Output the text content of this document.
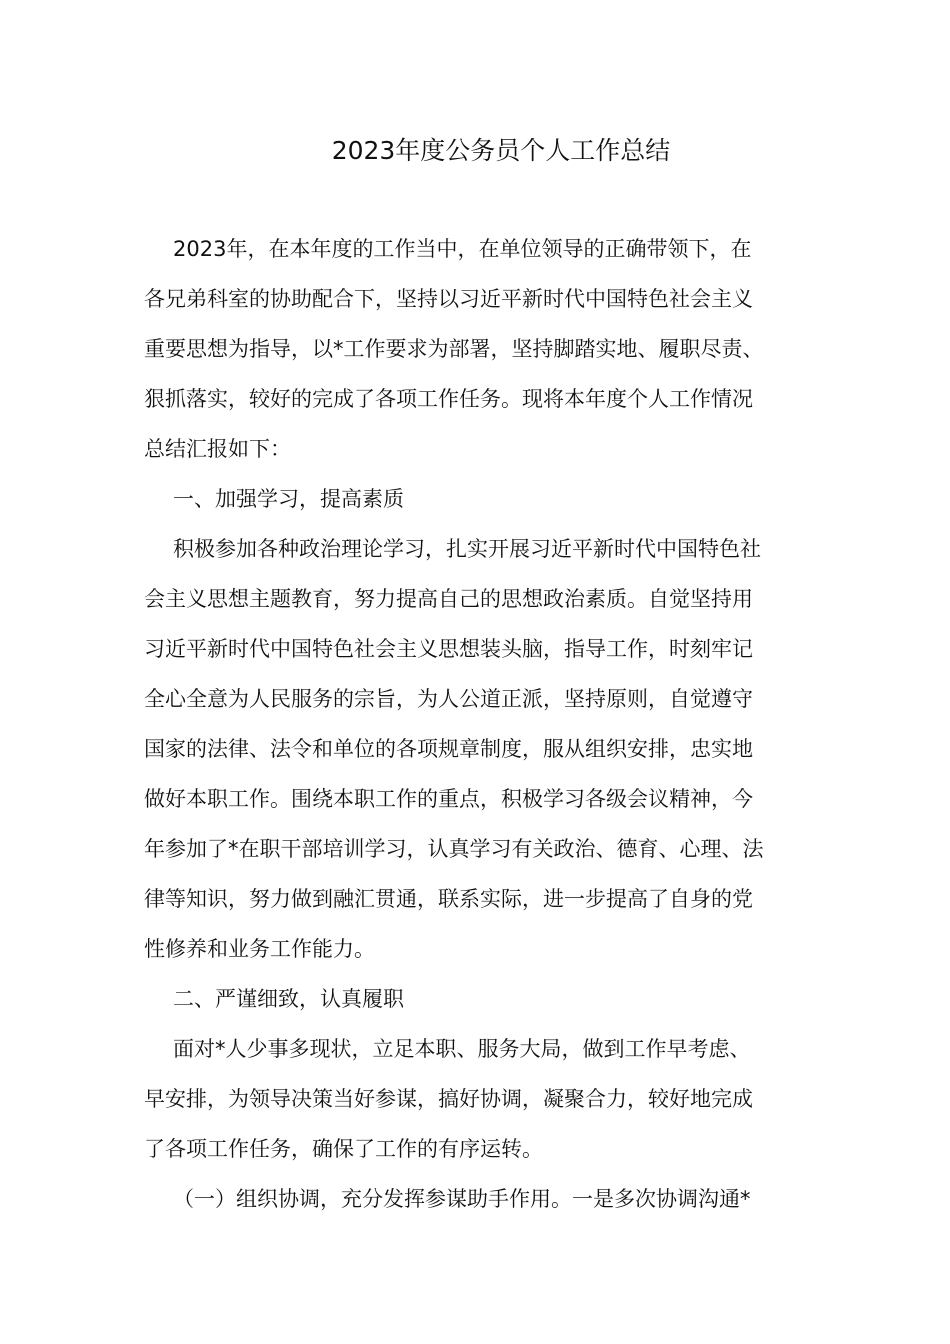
2023年度公务员个人工作总结
2023年，在本年度的工作当中，在单位领导的正确带领下，在
各兄弟科室的协助配合下，坚持以习近平新时代中国特色社会主义
重要思想为指导，以*工作要求为部署，坚持脚踏实地、履职尽责、
狠抓落实，较好的完成了各项工作任务。现将本年度个人工作情况
总结汇报如下：
一、加强学习，提高素质
积极参加各种政治理论学习，扎实开展习近平新时代中国特色社
会主义思想主题教育，努力提高自己的思想政治素质。自觉坚持用
习近平新时代中国特色社会主义思想装头脑，指导工作，时刻牢记
全心全意为人民服务的宗旨，为人公道正派，坚持原则，自觉遵守
国家的法律、法令和单位的各项规章制度，服从组织安排，忠实地
做好本职工作。围绕本职工作的重点，积极学习各级会议精神，今
年参加了*在职干部培训学习，认真学习有关政治、德育、心理、法
律等知识，努力做到融汇贯通，联系实际，进一步提高了自身的党
性修养和业务工作能力。
二、严谨细致，认真履职
面对*人少事多现状，立足本职、服务大局，做到工作早考虑、
早安排，为领导决策当好参谋，搞好协调，凝聚合力，较好地完成
了各项工作任务，确保了工作的有序运转。
（一）组织协调，充分发挥参谋助手作用。一是多次协调沟通*
